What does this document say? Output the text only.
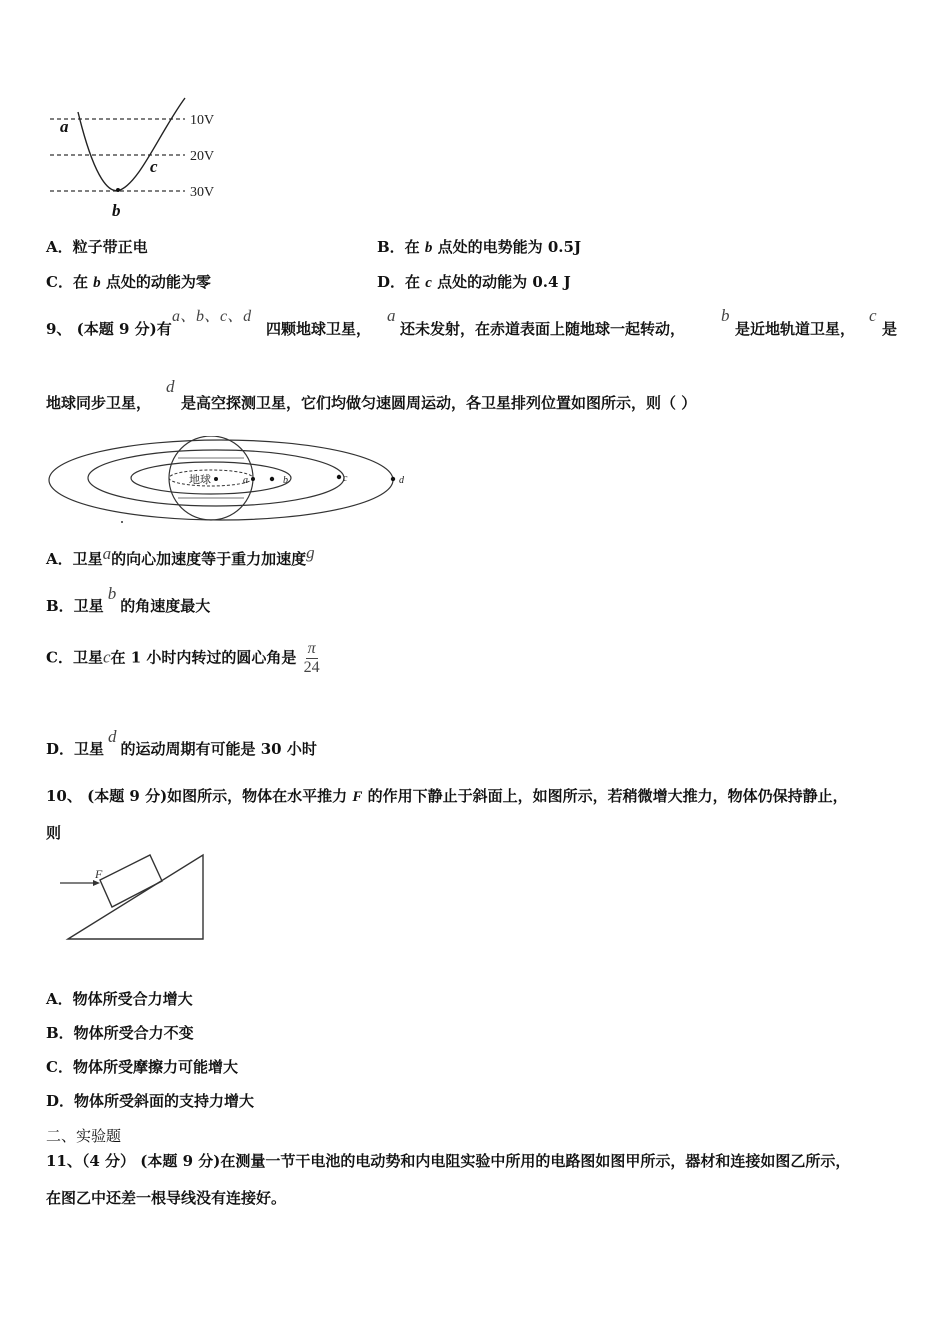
a
c
b
10V
20V
30V
A．粒子带正电	B．在 b 点处的电势能为 0.5J
C．在 b 点处的动能为零	D．在 c 点处的动能为 0.4 J
9、 (本题 9 分)有
a、b、c、d
四颗地球卫星，
a
还未发射，在赤道表面上随地球一起转动，
b
是近地轨道卫星，
c
是
地球同步卫星，
d
是高空探测卫星，它们均做匀速圆周运动，各卫星排列位置如图所示，则（ ）
地球	a	b	c	d
A．卫星a的向心加速度等于重力加速度g
B．卫星b的角速度最大
C．卫星c在 1 小时内转过的圆心角是 $\frac{\pi}{24}$
D．卫星d的运动周期有可能是 30 小时
10、 (本题 9 分)如图所示，物体在水平推力 F 的作用下静止于斜面上，如图所示，若稍微增大推力，物体仍保持静止，
则
F
A．物体所受合力增大
B．物体所受合力不变
C．物体所受摩擦力可能增大
D．物体所受斜面的支持力增大
二、实验题
11、（4 分） (本题 9 分)在测量一节干电池的电动势和内电阻实验中所用的电路图如图甲所示，器材和连接如图乙所示，
在图乙中还差一根导线没有连接好。
